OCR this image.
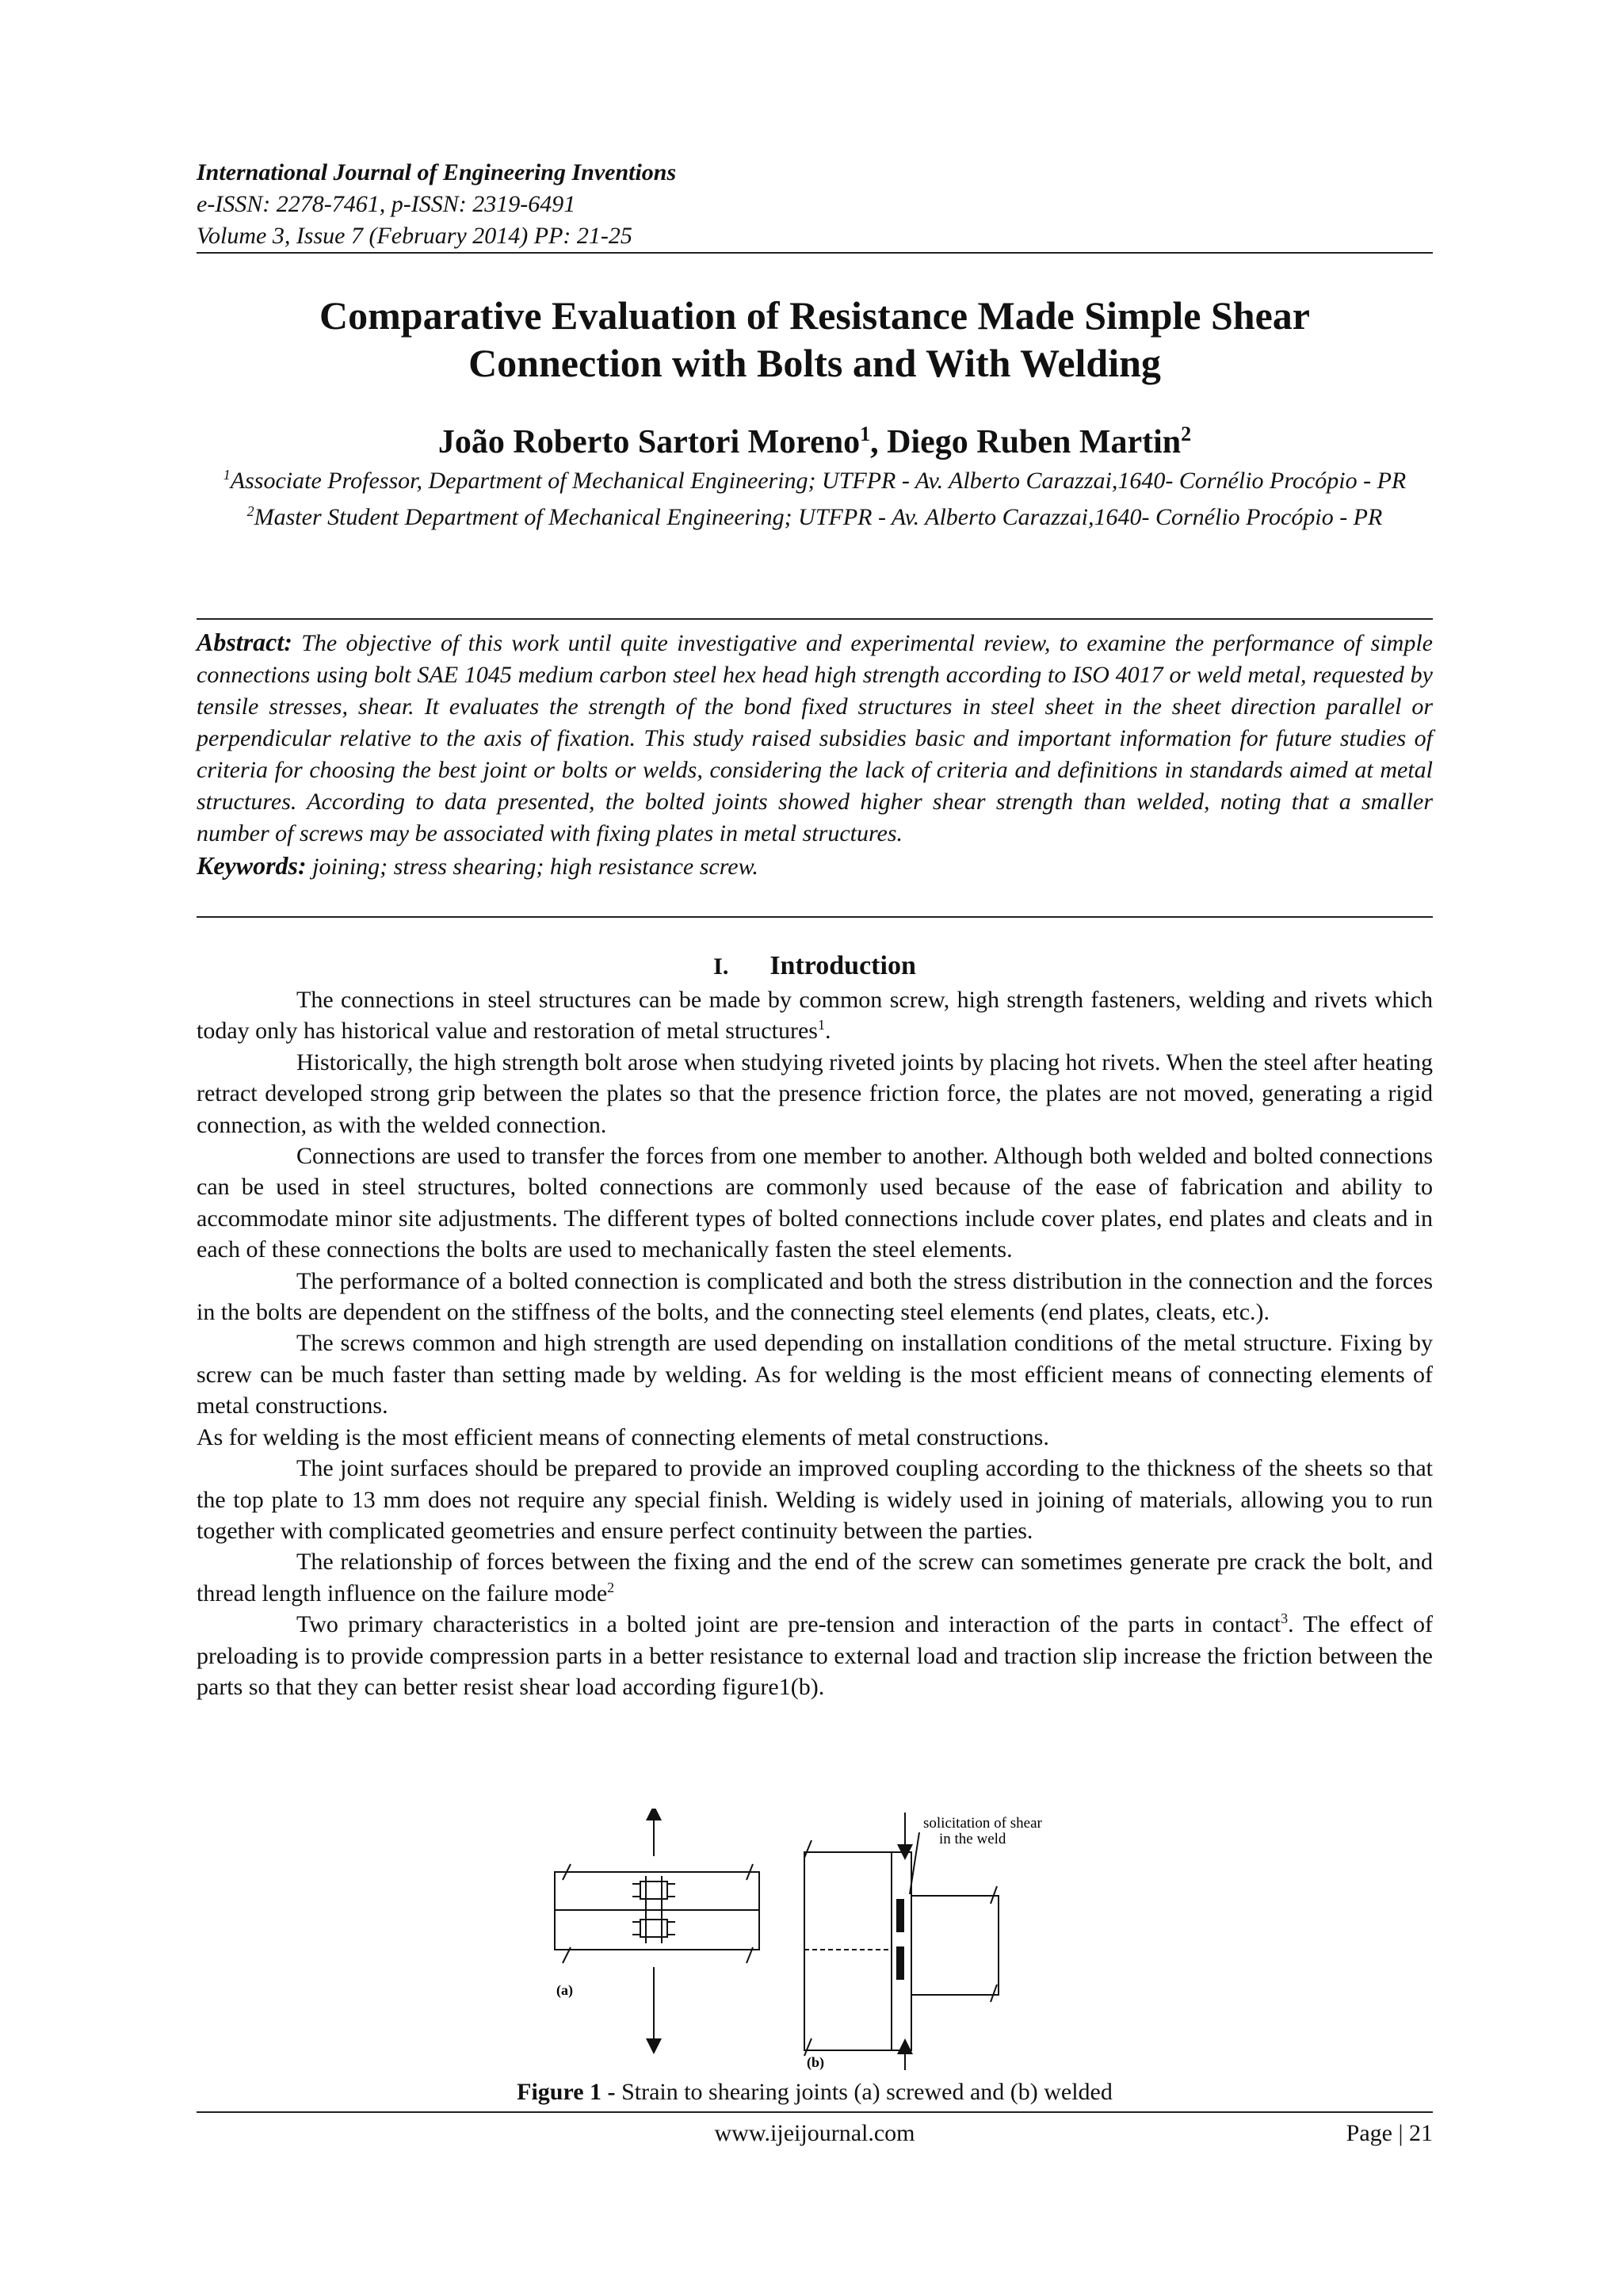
International Journal of Engineering Inventions
e-ISSN: 2278-7461, p-ISSN: 2319-6491
Volume 3, Issue 7 (February 2014) PP: 21-25
Comparative Evaluation of Resistance Made Simple Shear
Connection with Bolts and With Welding
João Roberto Sartori Moreno$^1$, Diego Ruben Martin$^2$
$^1$Associate Professor, Department of Mechanical Engineering; UTFPR - Av. Alberto Carazzai,1640- Cornélio Procópio - PR
$^2$Master Student Department of Mechanical Engineering; UTFPR - Av. Alberto Carazzai,1640- Cornélio Procópio - PR
Abstract: The objective of this work until quite investigative and experimental review, to examine the performance of simple connections using bolt SAE 1045 medium carbon steel hex head high strength according to ISO 4017 or weld metal, requested by tensile stresses, shear. It evaluates the strength of the bond fixed structures in steel sheet in the sheet direction parallel or perpendicular relative to the axis of fixation. This study raised subsidies basic and important information for future studies of criteria for choosing the best joint or bolts or welds, considering the lack of criteria and definitions in standards aimed at metal structures. According to data presented, the bolted joints showed higher shear strength than welded, noting that a smaller number of screws may be associated with fixing plates in metal structures.
Keywords: joining; stress shearing; high resistance screw.
I. Introduction

The connections in steel structures can be made by common screw, high strength fasteners, welding and rivets which today only has historical value and restoration of metal structures$^1$.

Historically, the high strength bolt arose when studying riveted joints by placing hot rivets. When the steel after heating retract developed strong grip between the plates so that the presence friction force, the plates are not moved, generating a rigid connection, as with the welded connection.

Connections are used to transfer the forces from one member to another. Although both welded and bolted connections can be used in steel structures, bolted connections are commonly used because of the ease of fabrication and ability to accommodate minor site adjustments. The different types of bolted connections include cover plates, end plates and cleats and in each of these connections the bolts are used to mechanically fasten the steel elements.

The performance of a bolted connection is complicated and both the stress distribution in the connection and the forces in the bolts are dependent on the stiffness of the bolts, and the connecting steel elements (end plates, cleats, etc.).

The screws common and high strength are used depending on installation conditions of the metal structure. Fixing by screw can be much faster than setting made by welding. As for welding is the most efficient means of connecting elements of metal constructions.

As for welding is the most efficient means of connecting elements of metal constructions.

The joint surfaces should be prepared to provide an improved coupling according to the thickness of the sheets so that the top plate to 13 mm does not require any special finish. Welding is widely used in joining of materials, allowing you to run together with complicated geometries and ensure perfect continuity between the parties.

The relationship of forces between the fixing and the end of the screw can sometimes generate pre crack the bolt, and thread length influence on the failure mode$^2$

Two primary characteristics in a bolted joint are pre-tension and interaction of the parts in contact$^3$. The effect of preloading is to provide compression parts in a better resistance to external load and traction slip increase the friction between the parts so that they can better resist shear load according figure1(b).

(a)
solicitation of shear
in the weld
(b)
Figure 1 - Strain to shearing joints (a) screwed and (b) welded
www.ijeijournal.com	Page | 21
